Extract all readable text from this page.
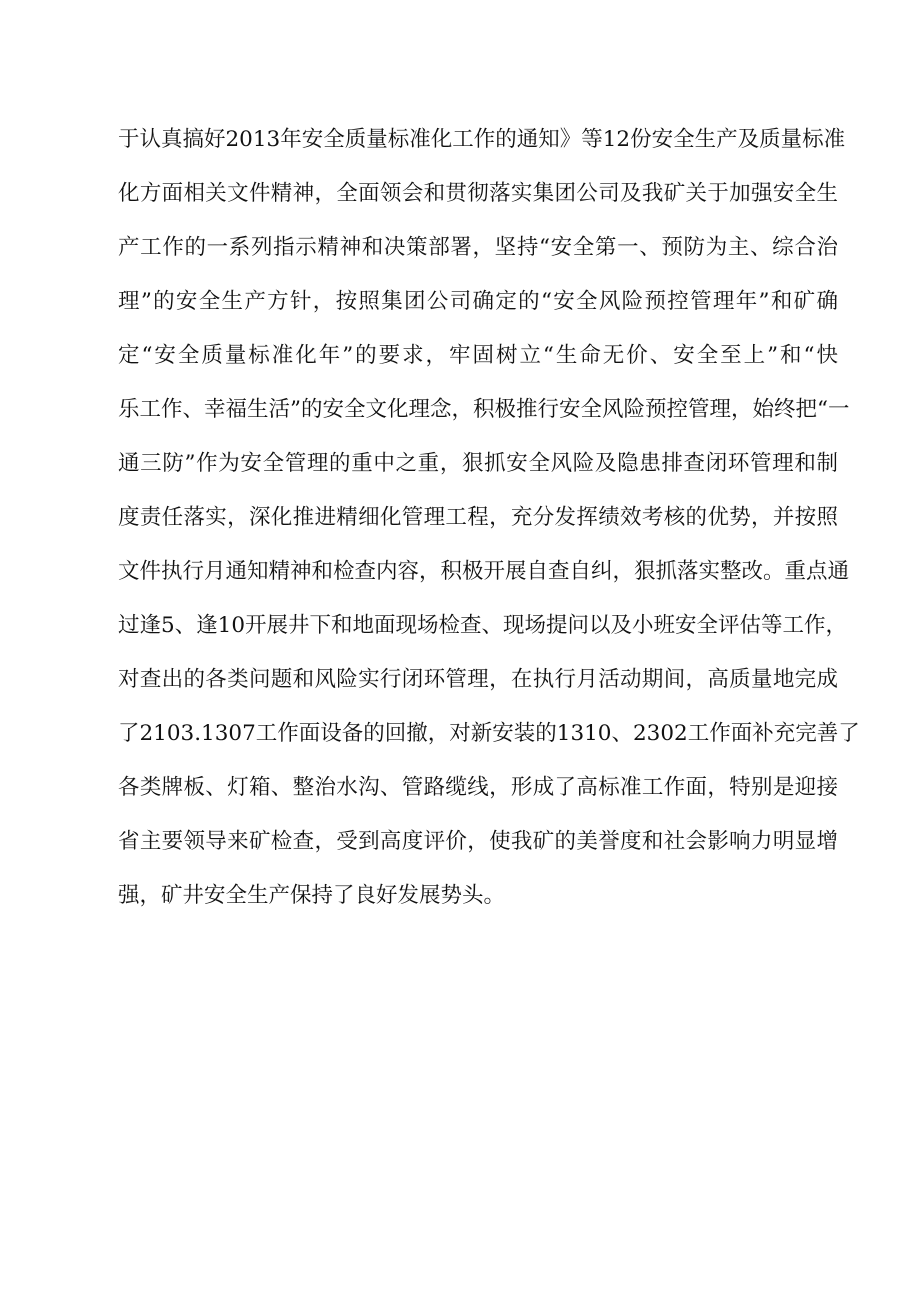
于认真搞好2013年安全质量标准化工作的通知》等12份安全生产及质量标准
化方面相关文件精神，全面领会和贯彻落实集团公司及我矿关于加强安全生
产工作的一系列指示精神和决策部署，坚持“安全第一、预防为主、综合治
理”的安全生产方针，按照集团公司确定的“安全风险预控管理年”和矿确
定“安全质量标准化年”的要求，牢固树立“生命无价、安全至上”和“快
乐工作、幸福生活”的安全文化理念，积极推行安全风险预控管理，始终把“一
通三防”作为安全管理的重中之重，狠抓安全风险及隐患排查闭环管理和制
度责任落实，深化推进精细化管理工程，充分发挥绩效考核的优势，并按照
文件执行月通知精神和检查内容，积极开展自查自纠，狠抓落实整改。重点通
过逢5、逢10开展井下和地面现场检查、现场提问以及小班安全评估等工作，
对查出的各类问题和风险实行闭环管理，在执行月活动期间，高质量地完成
了2103.1307工作面设备的回撤，对新安装的1310、2302工作面补充完善了
各类牌板、灯箱、整治水沟、管路缆线，形成了高标准工作面，特别是迎接
省主要领导来矿检查，受到高度评价，使我矿的美誉度和社会影响力明显增
强，矿井安全生产保持了良好发展势头。
